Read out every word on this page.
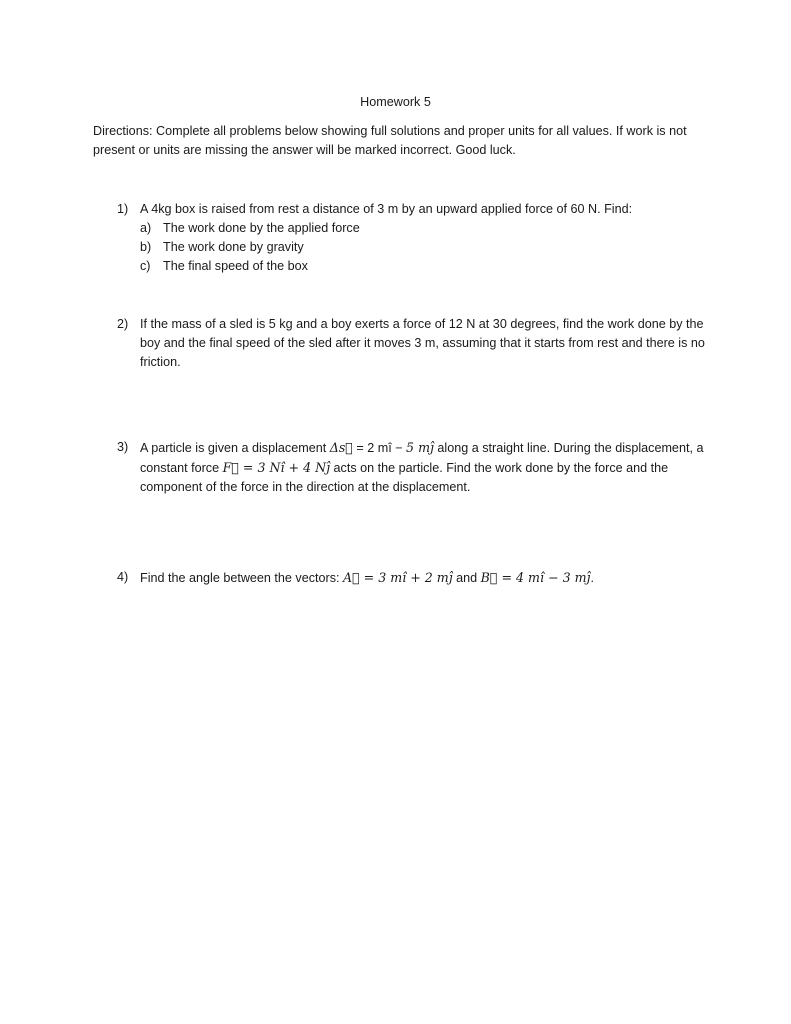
Homework 5
Directions: Complete all problems below showing full solutions and proper units for all values. If work is not present or units are missing the answer will be marked incorrect. Good luck.
1) A 4kg box is raised from rest a distance of 3 m by an upward applied force of 60 N. Find:
a) The work done by the applied force
b) The work done by gravity
c) The final speed of the box
2) If the mass of a sled is 5 kg and a boy exerts a force of 12 N at 30 degrees, find the work done by the boy and the final speed of the sled after it moves 3 m, assuming that it starts from rest and there is no friction.
3) A particle is given a displacement Δs⃗ = 2 mî − 5 mĵ along a straight line. During the displacement, a constant force F⃗ = 3 Nî + 4 Nĵ acts on the particle. Find the work done by the force and the component of the force in the direction at the displacement.
4) Find the angle between the vectors: A⃗ = 3 mî + 2 mĵ and B⃗ = 4 mî − 3 mĵ.
